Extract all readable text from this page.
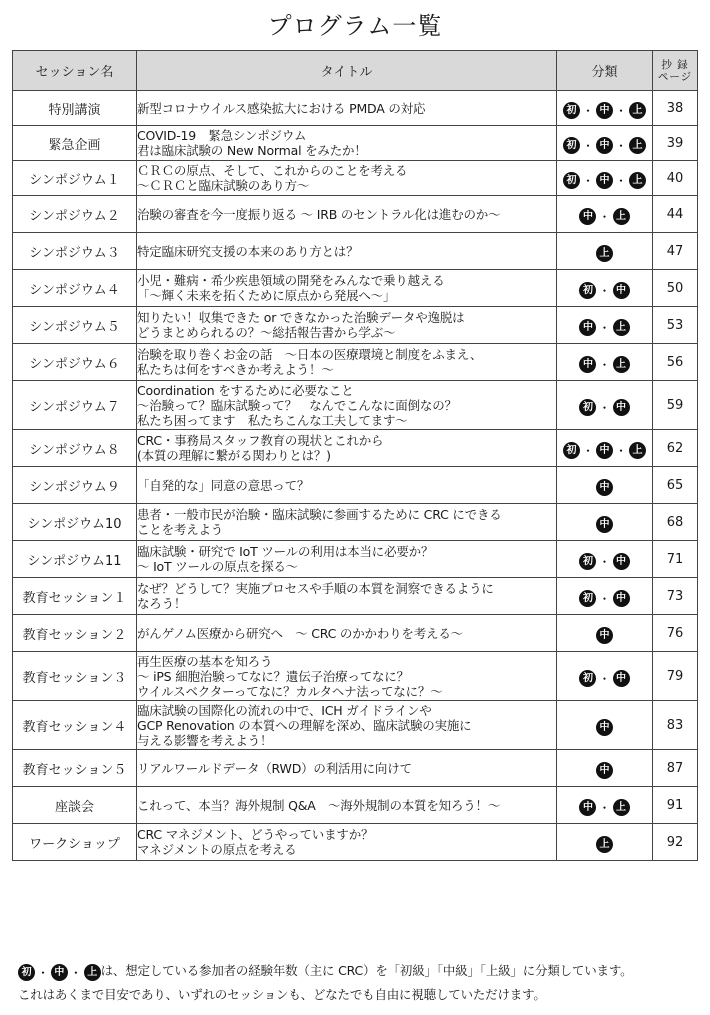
プログラム一覧
セッション名	タイトル	分類	抄 録
ページ

特別講演	新型コロナウイルス感染拡大における PMDA の対応	初 ・ 中 ・ 上	38
緊急企画	COVID-19　緊急シンポジウム
君は臨床試験の New Normal をみたか！	初 ・ 中 ・ 上	39
シンポジウム１	ＣＲＣの原点、そして、これからのことを考える
～ＣＲＣと臨床試験のあり方～	初 ・ 中 ・ 上	40
シンポジウム２	治験の審査を今一度振り返る ～ IRB のセントラル化は進むのか～	中 ・ 上	44
シンポジウム３	特定臨床研究支援の本来のあり方とは？	上	47
シンポジウム４	小児・難病・希少疾患領域の開発をみんなで乗り越える
「～輝く未来を拓くために原点から発展へ～」	初 ・ 中	50
シンポジウム５	知りたい！収集できた or できなかった治験データや逸脱は
どうまとめられるの？～総括報告書から学ぶ～	中 ・ 上	53
シンポジウム６	治験を取り巻くお金の話　～日本の医療環境と制度をふまえ、
私たちは何をすべきか考えよう！～	中 ・ 上	56
シンポジウム７	Coordination をするために必要なこと
～治験って？臨床試験って？　なんでこんなに面倒なの？
私たち困ってます　私たちこんな工夫してます～	初 ・ 中	59
シンポジウム８	CRC・事務局スタッフ教育の現状とこれから
(本質の理解に繋がる関わりとは？)	初 ・ 中 ・ 上	62
シンポジウム９	「自発的な」同意の意思って？	中	65
シンポジウム10	患者・一般市民が治験・臨床試験に参画するために CRC にできる
ことを考えよう	中	68
シンポジウム11	臨床試験・研究で IoT ツールの利用は本当に必要か？
～ IoT ツールの原点を探る～	初 ・ 中	71
教育セッション１	なぜ？どうして？実施プロセスや手順の本質を洞察できるように
なろう！	初 ・ 中	73
教育セッション２	がんゲノム医療から研究へ　～ CRC のかかわりを考える～	中	76
教育セッション３	再生医療の基本を知ろう
～ iPS 細胞治験ってなに？遺伝子治療ってなに？
ウイルスベクターってなに？カルタヘナ法ってなに？～	初 ・ 中	79
教育セッション４	臨床試験の国際化の流れの中で、ICH ガイドラインや
GCP Renovation の本質への理解を深め、臨床試験の実施に
与える影響を考えよう！	中	83
教育セッション５	リアルワールドデータ（RWD）の利活用に向けて	中	87
座談会	これって、本当？海外規制 Q&A　～海外規制の本質を知ろう！～	中 ・ 上	91
ワークショップ	CRC マネジメント、どうやっていますか？
マネジメントの原点を考える	上	92
初 ・ 中 ・ 上 は、想定している参加者の経験年数（主に CRC）を「初級」「中級」「上級」に分類しています。
これはあくまで目安であり、いずれのセッションも、どなたでも自由に視聴していただけます。
